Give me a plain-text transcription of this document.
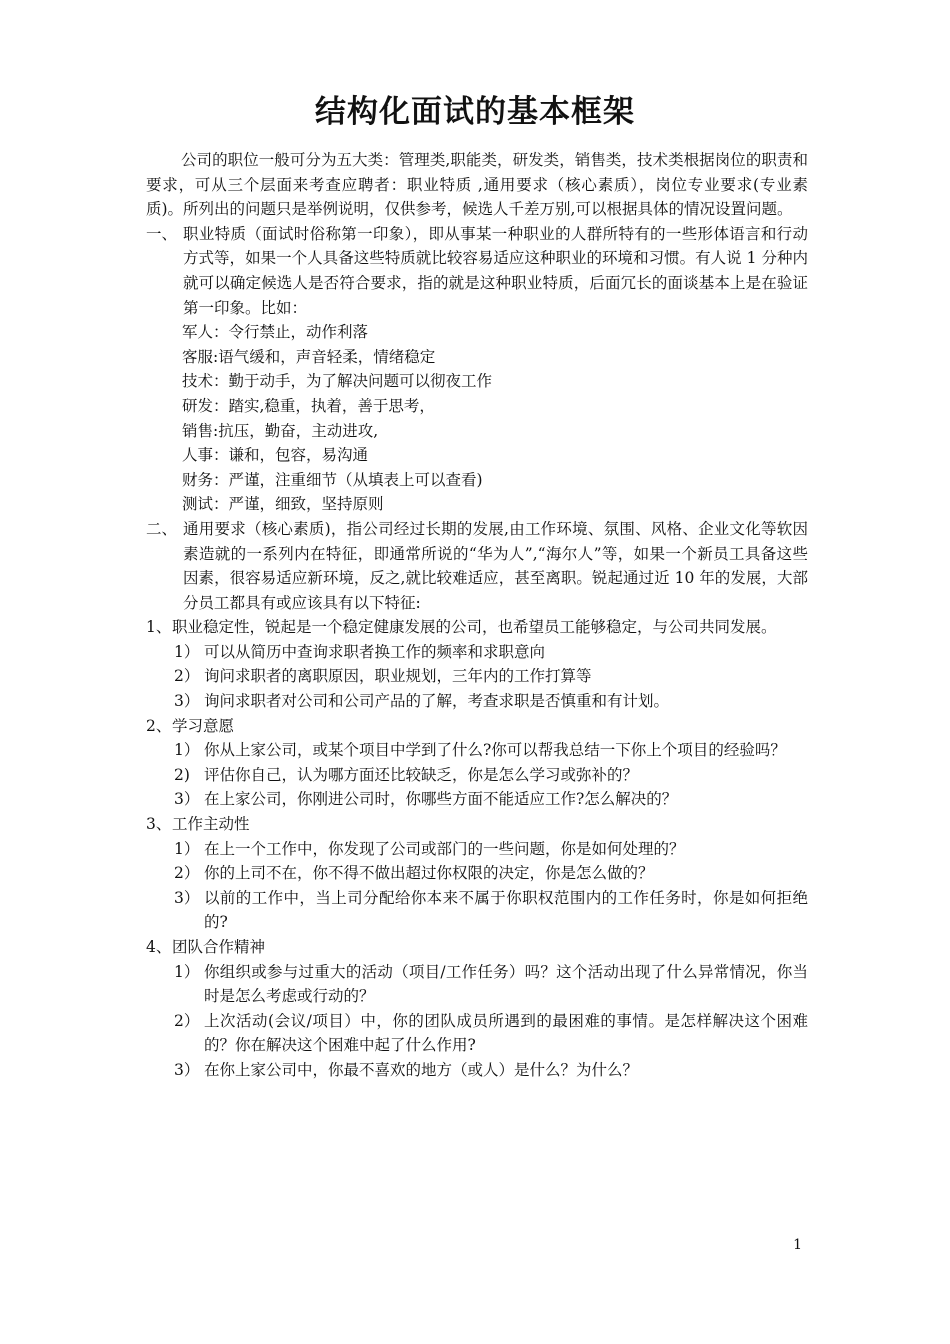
结构化面试的基本框架
公司的职位一般可分为五大类：管理类,职能类，研发类，销售类，技术类根据岗位的职责和要求，可从三个层面来考查应聘者：职业特质 ,通用要求（核心素质），岗位专业要求(专业素质)。所列出的问题只是举例说明，仅供参考，候选人千差万别,可以根据具体的情况设置问题。
一、 职业特质（面试时俗称第一印象），即从事某一种职业的人群所特有的一些形体语言和行动方式等，如果一个人具备这些特质就比较容易适应这种职业的环境和习惯。有人说 1 分种内就可以确定候选人是否符合要求，指的就是这种职业特质，后面冗长的面谈基本上是在验证第一印象。比如：
军人：令行禁止，动作利落
客服:语气缓和，声音轻柔，情绪稳定
技术：勤于动手，为了解决问题可以彻夜工作
研发：踏实,稳重，执着，善于思考，
销售:抗压，勤奋，主动进攻,
人事：谦和，包容，易沟通
财务：严谨，注重细节（从填表上可以查看)
测试：严谨，细致，坚持原则
二、 通用要求（核心素质)，指公司经过长期的发展,由工作环境、氛围、风格、企业文化等软因素造就的一系列内在特征，即通常所说的“华为人”,“海尔人”等，如果一个新员工具备这些因素，很容易适应新环境，反之,就比较难适应，甚至离职。锐起通过近 10 年的发展，大部分员工都具有或应该具有以下特征:
1、 职业稳定性，锐起是一个稳定健康发展的公司，也希望员工能够稳定，与公司共同发展。
1） 可以从简历中查询求职者换工作的频率和求职意向
2） 询问求职者的离职原因，职业规划，三年内的工作打算等
3） 询问求职者对公司和公司产品的了解，考查求职是否慎重和有计划。
2、 学习意愿
1） 你从上家公司，或某个项目中学到了什么?你可以帮我总结一下你上个项目的经验吗？
2) 评估你自己，认为哪方面还比较缺乏，你是怎么学习或弥补的？
3） 在上家公司，你刚进公司时，你哪些方面不能适应工作?怎么解决的？
3、 工作主动性
1） 在上一个工作中，你发现了公司或部门的一些问题，你是如何处理的？
2） 你的上司不在，你不得不做出超过你权限的决定，你是怎么做的？
3） 以前的工作中，当上司分配给你本来不属于你职权范围内的工作任务时，你是如何拒绝的?
4、 团队合作精神
1） 你组织或参与过重大的活动（项目/工作任务）吗？这个活动出现了什么异常情况，你当时是怎么考虑或行动的？
2） 上次活动(会议/项目）中，你的团队成员所遇到的最困难的事情。是怎样解决这个困难的？你在解决这个困难中起了什么作用?
3） 在你上家公司中，你最不喜欢的地方（或人）是什么？为什么？
1
